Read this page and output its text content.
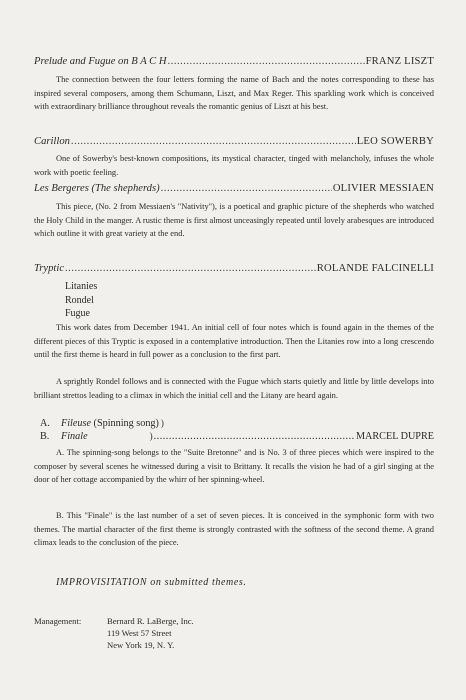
Prelude and Fugue on B A C H .....	FRANZ LISZT

The connection between the four letters forming the name of Bach and the notes corresponding to these has inspired several composers, among them Schumann, Liszt, and Max Reger. This sparkling work which is conceived with extraordinary brilliance throughout reveals the romantic genius of Liszt at his best.

Carillon .....	LEO SOWERBY

One of Sowerby's best-known compositions, its mystical character, tinged with melancholy, infuses the whole work with poetic feeling.

Les Bergeres (The shepherds) .....	OLIVIER MESSIAEN

This piece, (No. 2 from Messiaen's "Nativity"), is a poetical and graphic picture of the shepherds who watched the Holy Child in the manger. A rustic theme is first almost unceasingly repeated until lovely arabesques are introduced which outline it with great variety at the end.

Tryptic .....	ROLANDE FALCINELLI
Litanies
Rondel
Fugue

This work dates from December 1941. An initial cell of four notes which is found again in the themes of the different pieces of this Tryptic is exposed in a contemplative introduction. Then the Litanies row into a long crescendo until the first theme is heard in full power as a conclusion to the first part.

A sprightly Rondel follows and is connected with the Fugue which starts quietly and little by little develops into brilliant strettos leading to a climax in which the initial cell and the Litany are heard again.

A.	Fileuse
(Spinning song) )
B.	Finale	) .....	MARCEL DUPRE

A. The spinning-song belongs to the "Suite Bretonne" and is No. 3 of three pieces which were inspired to the composer by several scenes he witnessed during a visit to Brittany. It recalls the vision he had of a girl singing at the door of her cottage accompanied by the whirr of her spinning-wheel.

B. This "Finale" is the last number of a set of seven pieces. It is conceived in the symphonic form with two themes. The martial character of the first theme is strongly contrasted with the softness of the second theme. A grand climax leads to the conclusion of the piece.

IMPROVISITATION on submitted themes.
Management:	Bernard R. LaBerge, Inc.
119 West 57 Street
New York 19, N. Y.
